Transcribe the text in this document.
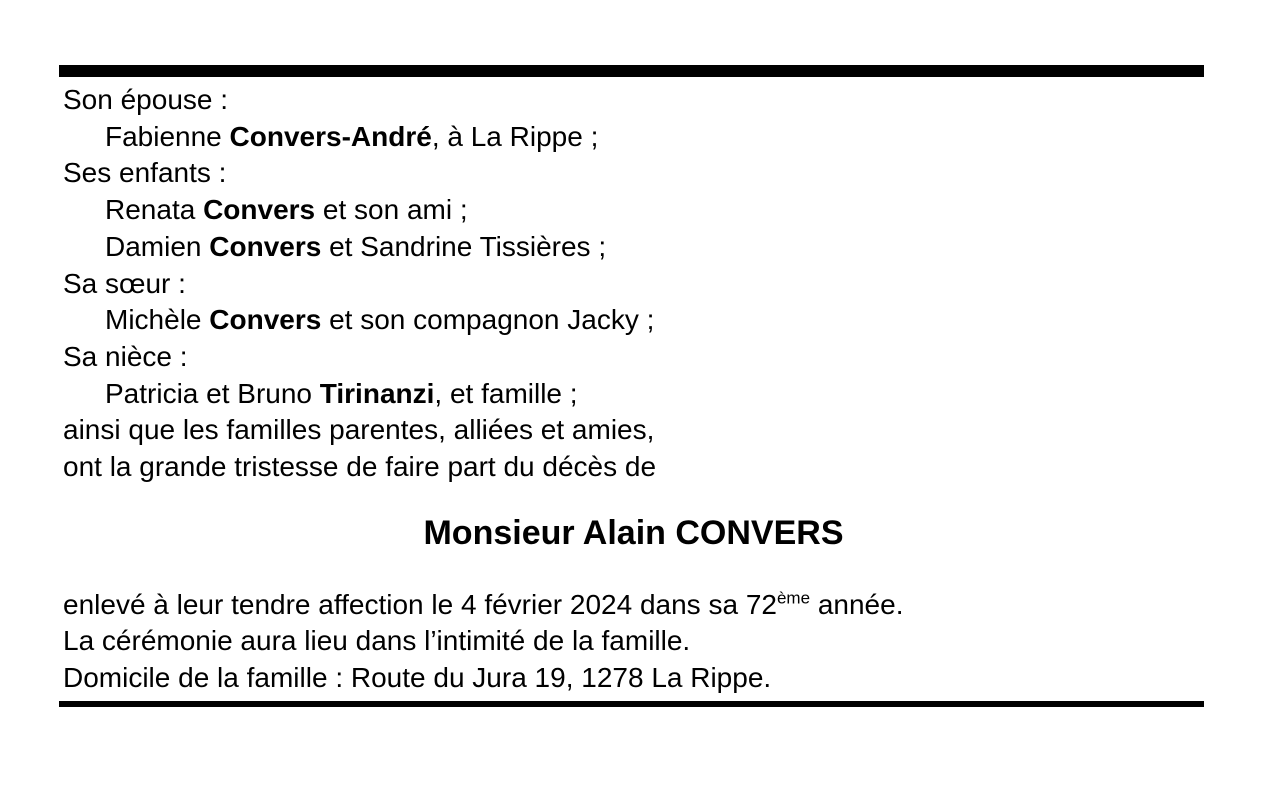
Son épouse :
Fabienne Convers-André, à La Rippe ;
Ses enfants :
Renata Convers et son ami ;
Damien Convers et Sandrine Tissières ;
Sa sœur :
Michèle Convers et son compagnon Jacky ;
Sa nièce :
Patricia et Bruno Tirinanzi, et famille ;
ainsi que les familles parentes, alliées et amies,
ont la grande tristesse de faire part du décès de
Monsieur Alain CONVERS
enlevé à leur tendre affection le 4 février 2024 dans sa 72ème année.
La cérémonie aura lieu dans l’intimité de la famille.
Domicile de la famille : Route du Jura 19, 1278 La Rippe.
